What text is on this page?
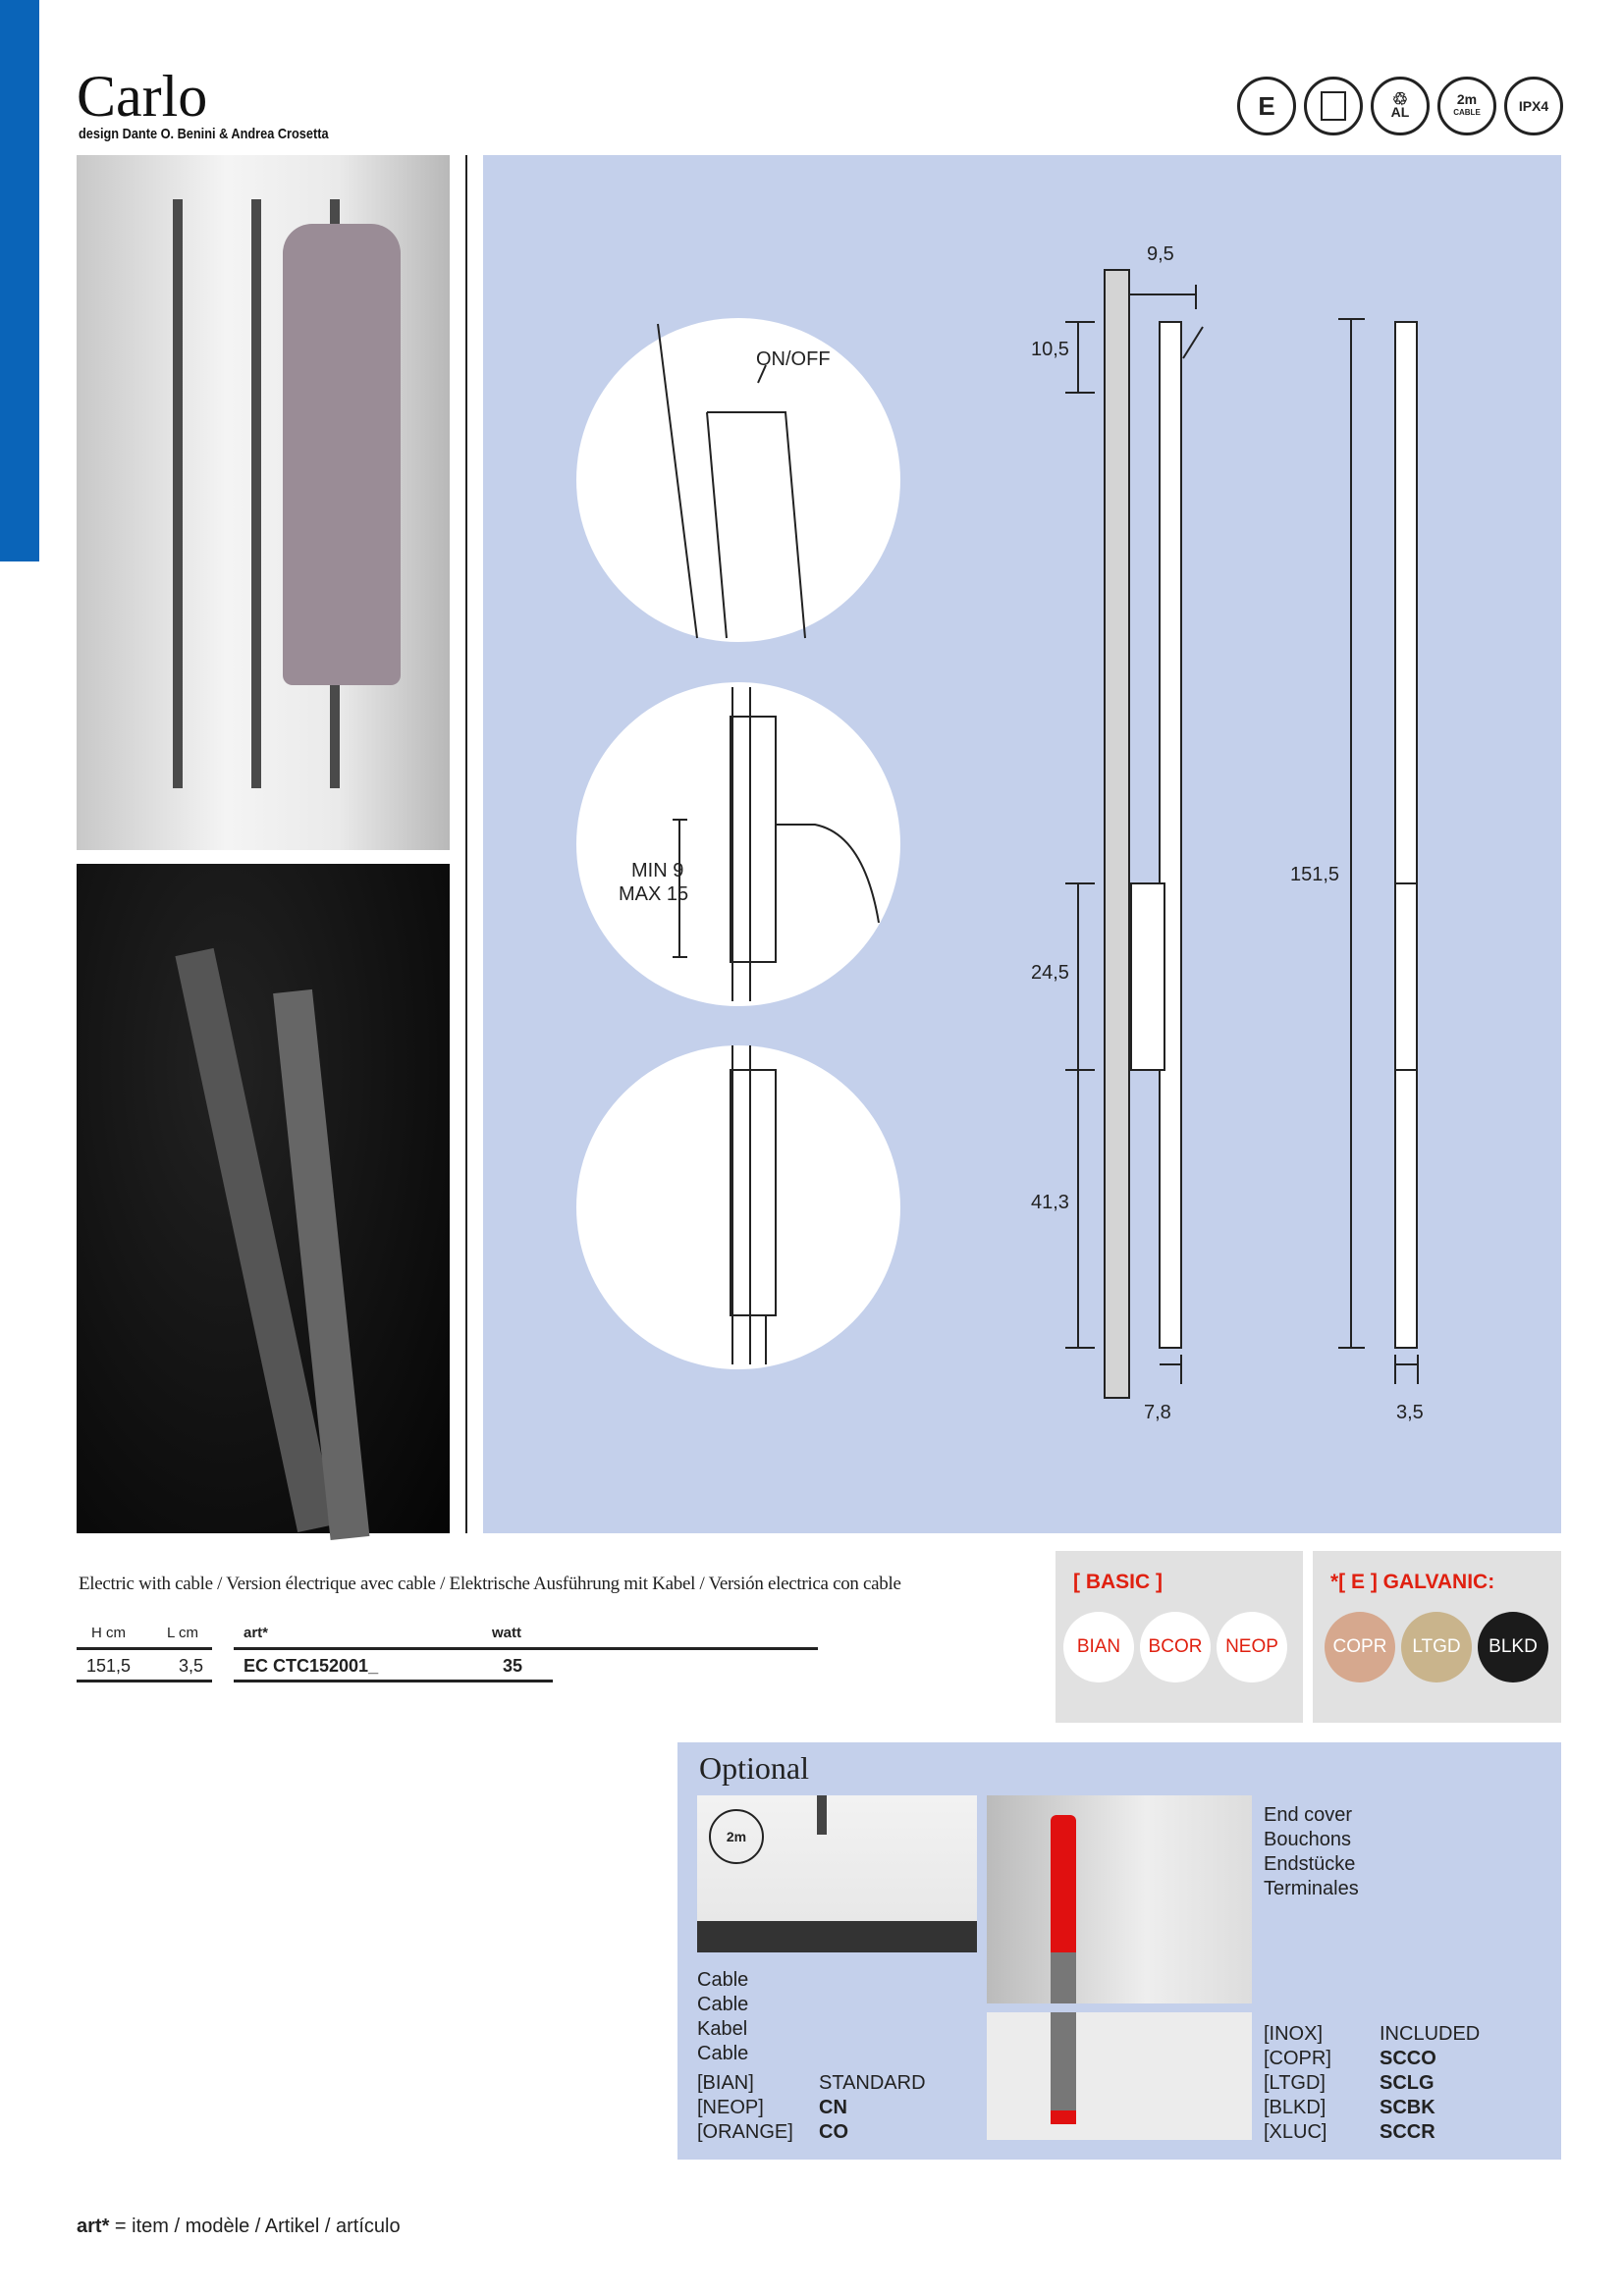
Carlo
design Dante O. Benini & Andrea Crosetta
E	♲
AL
2m
CABLE	IPX4
ON/OFF
MIN 9
MAX 15
9,5
10,5
24,5
41,3
7,8
151,5
3,5
Electric with cable / Version électrique avec cable / Elektrische Ausführung mit Kabel / Versión electrica con cable
H cm	L cm	art*	watt
151,5	3,5 EC CTC152001_	35
[ BASIC ]
BIAN	BCOR	NEOP
*[ E ] GALVANIC:
COPR	LTGD	BLKD
Optional
2m
Cable
Cable
Kabel
Cable
[BIAN]	STANDARD
[NEOP]	CN
[ORANGE] CO
End cover
Bouchons
Endstücke
Terminales
[INOX]	INCLUDED
[COPR] SCCO
[LTGD]	SCLG
[BLKD]	SCBK
[XLUC]	SCCR
art* = item / modèle / Artikel / artículo
